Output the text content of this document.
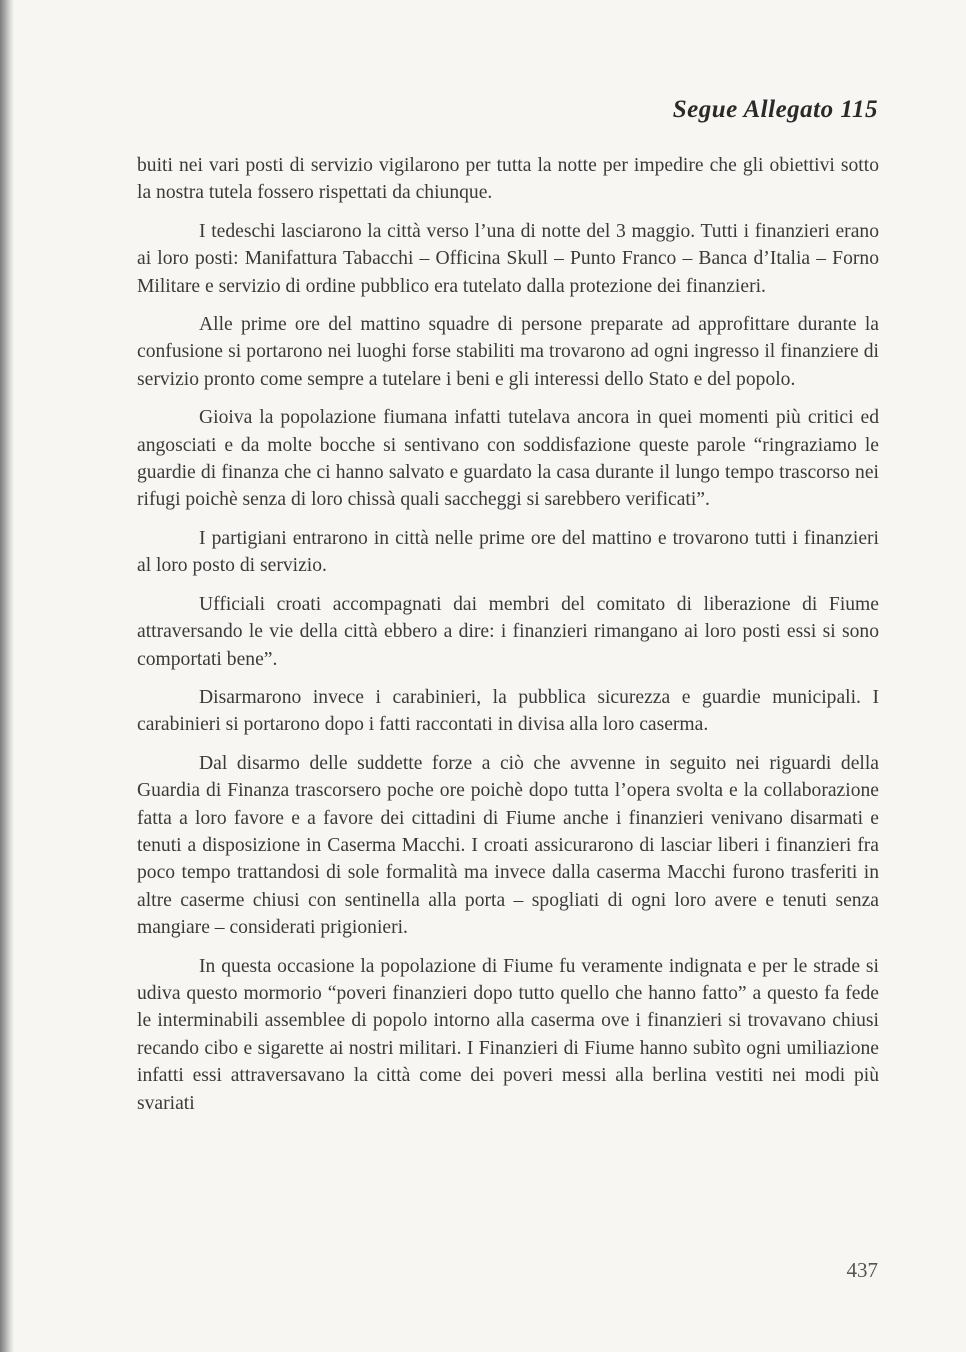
Segue Allegato 115

buiti nei vari posti di servizio vigilarono per tutta la notte per impedire che gli obiettivi sotto la nostra tutela fossero rispettati da chiunque.

I tedeschi lasciarono la città verso l’una di notte del 3 maggio. Tutti i finanzieri erano ai loro posti: Manifattura Tabacchi – Officina Skull – Punto Franco – Banca d’Italia – Forno Militare e servizio di ordine pubblico era tutelato dalla protezione dei finanzieri.

Alle prime ore del mattino squadre di persone preparate ad approfittare durante la confusione si portarono nei luoghi forse stabiliti ma trovarono ad ogni ingresso il finanziere di servizio pronto come sempre a tutelare i beni e gli interessi dello Stato e del popolo.

Gioiva la popolazione fiumana infatti tutelava ancora in quei momenti più critici ed angosciati e da molte bocche si sentivano con soddisfazione queste parole “ringraziamo le guardie di finanza che ci hanno salvato e guardato la casa durante il lungo tempo trascorso nei rifugi poichè senza di loro chissà quali saccheggi si sarebbero verificati”.

I partigiani entrarono in città nelle prime ore del mattino e trovarono tutti i finanzieri al loro posto di servizio.

Ufficiali croati accompagnati dai membri del comitato di liberazione di Fiume attraversando le vie della città ebbero a dire: i finanzieri rimangano ai loro posti essi si sono comportati bene”.

Disarmarono invece i carabinieri, la pubblica sicurezza e guardie municipali. I carabinieri si portarono dopo i fatti raccontati in divisa alla loro caserma.

Dal disarmo delle suddette forze a ciò che avvenne in seguito nei riguardi della Guardia di Finanza trascorsero poche ore poichè dopo tutta l’opera svolta e la collaborazione fatta a loro favore e a favore dei cittadini di Fiume anche i finanzieri venivano disarmati e tenuti a disposizione in Caserma Macchi. I croati assicurarono di lasciar liberi i finanzieri fra poco tempo trattandosi di sole formalità ma invece dalla caserma Macchi furono trasferiti in altre caserme chiusi con sentinella alla porta – spogliati di ogni loro avere e tenuti senza mangiare – considerati prigionieri.

In questa occasione la popolazione di Fiume fu veramente indignata e per le strade si udiva questo mormorio “poveri finanzieri dopo tutto quello che hanno fatto” a questo fa fede le interminabili assemblee di popolo intorno alla caserma ove i finanzieri si trovavano chiusi recando cibo e sigarette ai nostri militari. I Finanzieri di Fiume hanno subìto ogni umiliazione infatti essi attraversavano la città come dei poveri messi alla berlina vestiti nei modi più svariati

437
